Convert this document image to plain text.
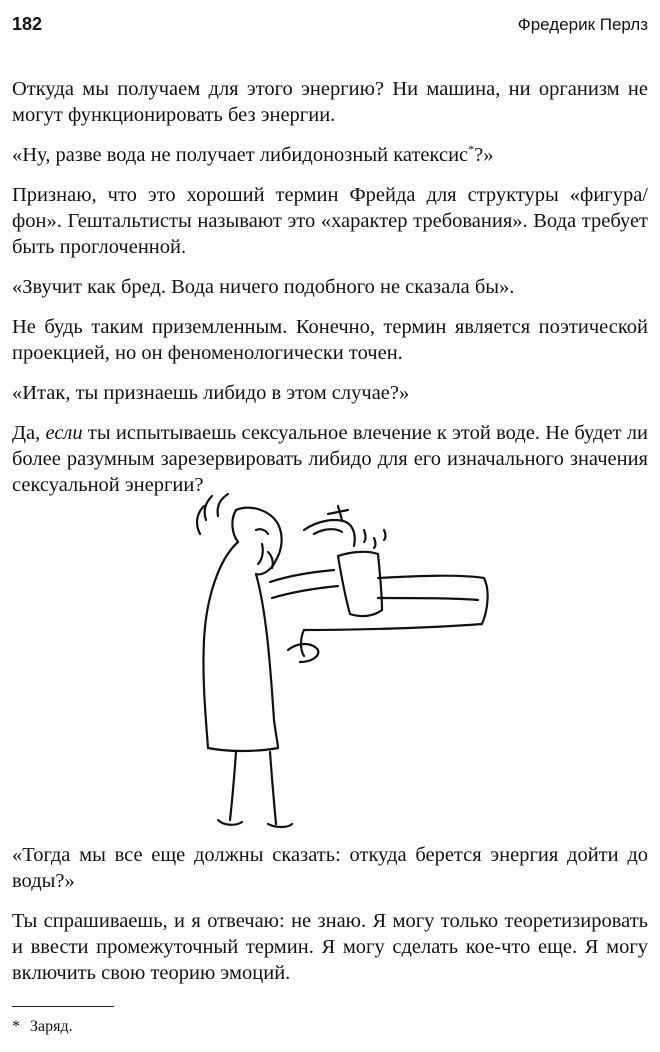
182	Фредерик Перлз

Откуда мы получаем для этого энергию? Ни машина, ни организм не могут функционировать без энергии.

«Ну, разве вода не получает либидонозный катексис*?»

Признаю, что это хороший термин Фрейда для структуры «фигура/фон». Гештальтисты называют это «характер требования». Вода требует быть проглоченной.

«Звучит как бред. Вода ничего подобного не сказала бы».

Не будь таким приземленным. Конечно, термин является поэтической проекцией, но он феноменологически точен.

«Итак, ты признаешь либидо в этом случае?»

Да, если ты испытываешь сексуальное влечение к этой воде. Не будет ли более разумным зарезервировать либидо для его изначального значения сексуальной энергии?

«Тогда мы все еще должны сказать: откуда берется энергия дойти до воды?»

Ты спрашиваешь, и я отвечаю: не знаю. Я могу только теоретизировать и ввести промежуточный термин. Я могу сделать кое-что еще. Я могу включить свою теорию эмоций.

* Заряд.
